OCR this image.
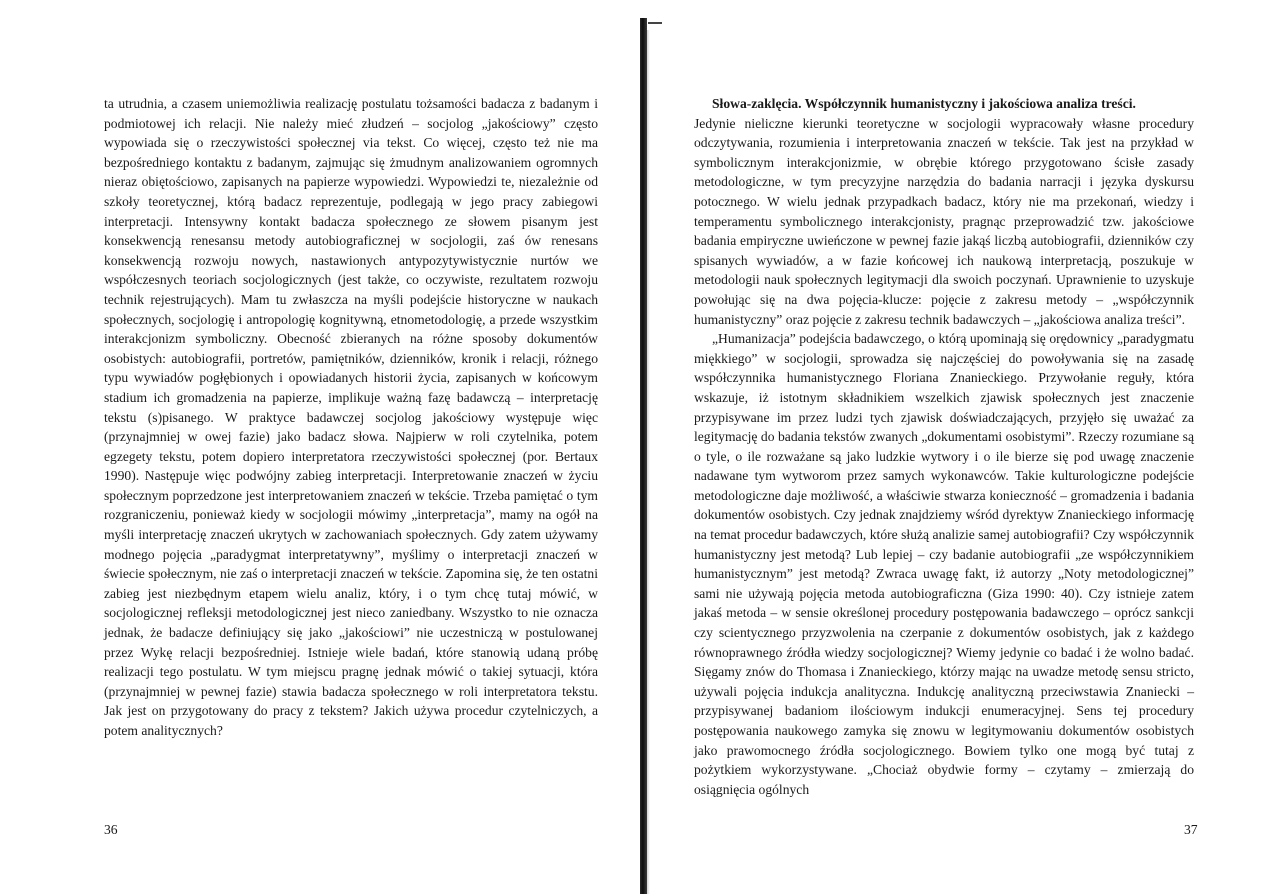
ta utrudnia, a czasem uniemożliwia realizację postulatu tożsamości badacza z badanym i podmiotowej ich relacji. Nie należy mieć złudzeń – socjolog „jakościowy” często wypowiada się o rzeczywistości społecznej via tekst. Co więcej, często też nie ma bezpośredniego kontaktu z badanym, zajmując się żmudnym analizowaniem ogromnych nieraz obiętościowo, zapisanych na papierze wypowiedzi. Wypowiedzi te, niezależnie od szkoły teoretycznej, którą badacz reprezentuje, podlegają w jego pracy zabiegowi interpretacji. Intensywny kontakt badacza społecznego ze słowem pisanym jest konsekwencją renesansu metody autobiograficznej w socjologii, zaś ów renesans konsekwencją rozwoju nowych, nastawionych antypozytywistycznie nurtów we współczesnych teoriach socjologicznych (jest także, co oczywiste, rezultatem rozwoju technik rejestrujących). Mam tu zwłaszcza na myśli podejście historyczne w naukach społecznych, socjologię i antropologię kognitywną, etnometodologię, a przede wszystkim interakcjonizm symboliczny. Obecność zbieranych na różne sposoby dokumentów osobistych: autobiografii, portretów, pamiętników, dzienników, kronik i relacji, różnego typu wywiadów pogłębionych i opowiadanych historii życia, zapisanych w końcowym stadium ich gromadzenia na papierze, implikuje ważną fazę badawczą – interpretację tekstu (s)pisanego. W praktyce badawczej socjolog jakościowy występuje więc (przynajmniej w owej fazie) jako badacz słowa. Najpierw w roli czytelnika, potem egzegety tekstu, potem dopiero interpretatora rzeczywistości społecznej (por. Bertaux 1990). Następuje więc podwójny zabieg interpretacji. Interpretowanie znaczeń w życiu społecznym poprzedzone jest interpretowaniem znaczeń w tekście. Trzeba pamiętać o tym rozgraniczeniu, ponieważ kiedy w socjologii mówimy „interpretacja”, mamy na ogół na myśli interpretację znaczeń ukrytych w zachowaniach społecznych. Gdy zatem używamy modnego pojęcia „paradygmat interpretatywny”, myślimy o interpretacji znaczeń w świecie społecznym, nie zaś o interpretacji znaczeń w tekście. Zapomina się, że ten ostatni zabieg jest niezbędnym etapem wielu analiz, który, i o tym chcę tutaj mówić, w socjologicznej refleksji metodologicznej jest nieco zaniedbany. Wszystko to nie oznacza jednak, że badacze definiujący się jako „jakościowi” nie uczestniczą w postulowanej przez Wykę relacji bezpośredniej. Istnieje wiele badań, które stanowią udaną próbę realizacji tego postulatu. W tym miejscu pragnę jednak mówić o takiej sytuacji, która (przynajmniej w pewnej fazie) stawia badacza społecznego w roli interpretatora tekstu. Jak jest on przygotowany do pracy z tekstem? Jakich używa procedur czytelniczych, a potem analitycznych?

36

Słowa-zaklęcia. Współczynnik humanistyczny i jakościowa analiza treści.

Jedynie nieliczne kierunki teoretyczne w socjologii wypracowały własne procedury odczytywania, rozumienia i interpretowania znaczeń w tekście. Tak jest na przykład w symbolicznym interakcjonizmie, w obrębie którego przygotowano ścisłe zasady metodologiczne, w tym precyzyjne narzędzia do badania narracji i języka dyskursu potocznego. W wielu jednak przypadkach badacz, który nie ma przekonań, wiedzy i temperamentu symbolicznego interakcjonisty, pragnąc przeprowadzić tzw. jakościowe badania empiryczne uwieńczone w pewnej fazie jakąś liczbą autobiografii, dzienników czy spisanych wywiadów, a w fazie końcowej ich naukową interpretacją, poszukuje w metodologii nauk społecznych legitymacji dla swoich poczynań. Uprawnienie to uzyskuje powołując się na dwa pojęcia-klucze: pojęcie z zakresu metody – „współczynnik humanistyczny” oraz pojęcie z zakresu technik badawczych – „jakościowa analiza treści”.

„Humanizacja” podejścia badawczego, o którą upominają się orędownicy „paradygmatu miękkiego” w socjologii, sprowadza się najczęściej do powoływania się na zasadę współczynnika humanistycznego Floriana Znanieckiego. Przywołanie reguły, która wskazuje, iż istotnym składnikiem wszelkich zjawisk społecznych jest znaczenie przypisywane im przez ludzi tych zjawisk doświadczających, przyjęło się uważać za legitymację do badania tekstów zwanych „dokumentami osobistymi”. Rzeczy rozumiane są o tyle, o ile rozważane są jako ludzkie wytwory i o ile bierze się pod uwagę znaczenie nadawane tym wytworom przez samych wykonawców. Takie kulturologiczne podejście metodologiczne daje możliwość, a właściwie stwarza konieczność – gromadzenia i badania dokumentów osobistych. Czy jednak znajdziemy wśród dyrektyw Znanieckiego informację na temat procedur badawczych, które służą analizie samej autobiografii? Czy współczynnik humanistyczny jest metodą? Lub lepiej – czy badanie autobiografii „ze współczynnikiem humanistycznym” jest metodą? Zwraca uwagę fakt, iż autorzy „Noty metodologicznej” sami nie używają pojęcia metoda autobiograficzna (Giza 1990: 40). Czy istnieje zatem jakaś metoda – w sensie określonej procedury postępowania badawczego – oprócz sankcji czy scientycznego przyzwolenia na czerpanie z dokumentów osobistych, jak z każdego równoprawnego źródła wiedzy socjologicznej? Wiemy jedynie co badać i że wolno badać. Sięgamy znów do Thomasa i Znanieckiego, którzy mając na uwadze metodę sensu stricto, używali pojęcia indukcja analityczna. Indukcję analityczną przeciwstawia Znaniecki – przypisywanej badaniom ilościowym indukcji enumeracyjnej. Sens tej procedury postępowania naukowego zamyka się znowu w legitymowaniu dokumentów osobistych jako prawomocnego źródła socjologicznego. Bowiem tylko one mogą być tutaj z pożytkiem wykorzystywane. „Chociaż obydwie formy – czytamy – zmierzają do osiągnięcia ogólnych

37
